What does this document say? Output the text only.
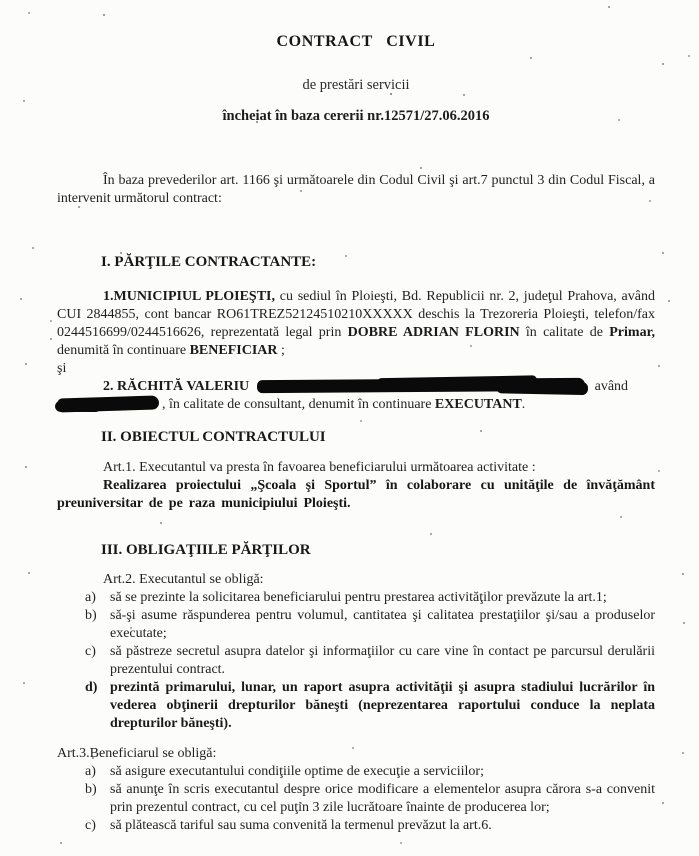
CONTRACT CIVIL
de prestări servicii
încheiat în baza cererii nr.12571/27.06.2016

În baza prevederilor art. 1166 şi următoarele din Codul Civil şi art.7 punctul 3 din Codul Fiscal, a intervenit următorul contract:

I. PĂRŢILE CONTRACTANTE:

1.MUNICIPIUL PLOIEŞTI, cu sediul în Ploieşti, Bd. Republicii nr. 2, judeţul Prahova, având CUI 2844855, cont bancar RO61TREZ52124510210XXXXX deschis la Trezoreria Ploieşti, telefon/fax 0244516699/0244516626, reprezentată legal prin DOBRE ADRIAN FLORIN în calitate de Primar, denumită în continuare BENEFICIAR ;

şi
2. RĂCHITĂ VALERIU	având
, în calitate de consultant, denumit în continuare EXECUTANT.
II. OBIECTUL CONTRACTULUI

Art.1. Executantul va presta în favoarea beneficiarului următoarea activitate :

Realizarea proiectului „Şcoala şi Sportul” în colaborare cu unităţile de învăţământ preuniversitar de pe raza municipiului Ploieşti.

III. OBLIGAŢIILE PĂRŢILOR

Art.2. Executantul se obligă:

a) să se prezinte la solicitarea beneficiarului pentru prestarea activităţilor prevăzute la art.1;
b) să-şi asume răspunderea pentru volumul, cantitatea şi calitatea prestaţiilor şi/sau a produselor executate;
c) să păstreze secretul asupra datelor şi informaţiilor cu care vine în contact pe parcursul derulării prezentului contract.
d) prezintă primarului, lunar, un raport asupra activităţii şi asupra stadiului lucrărilor în vederea obţinerii drepturilor băneşti (neprezentarea raportului conduce la neplata drepturilor băneşti).

Art.3.Beneficiarul se obligă:

a) să asigure executantului condiţiile optime de execuţie a serviciilor;
b) să anunţe în scris executantul despre orice modificare a elementelor asupra cărora s-a convenit prin prezentul contract, cu cel puţin 3 zile lucrătoare înainte de producerea lor;
c) să plătească tariful sau suma convenită la termenul prevăzut la art.6.
